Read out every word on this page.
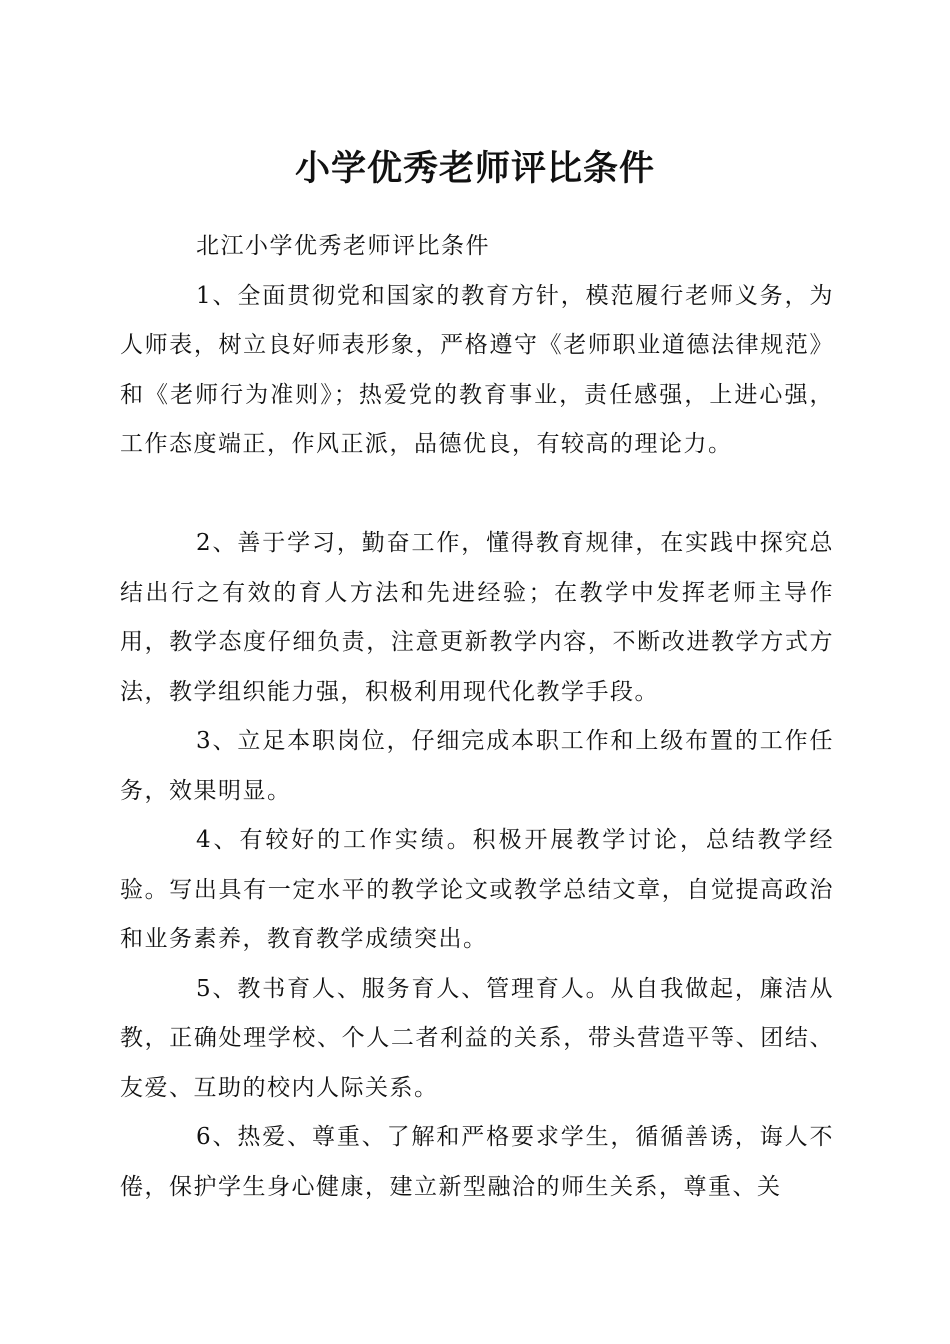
小学优秀老师评比条件

北江小学优秀老师评比条件

1、全面贯彻党和国家的教育方针，模范履行老师义务，为人师表，树立良好师表形象，严格遵守《老师职业道德法律规范》和《老师行为准则》；热爱党的教育事业，责任感强，上进心强，工作态度端正，作风正派，品德优良，有较高的理论力。

2、善于学习，勤奋工作，懂得教育规律，在实践中探究总结出行之有效的育人方法和先进经验；在教学中发挥老师主导作用，教学态度仔细负责，注意更新教学内容，不断改进教学方式方法，教学组织能力强，积极利用现代化教学手段。

3、立足本职岗位，仔细完成本职工作和上级布置的工作任务，效果明显。

4、有较好的工作实绩。积极开展教学讨论，总结教学经验。写出具有一定水平的教学论文或教学总结文章，自觉提高政治和业务素养，教育教学成绩突出。

5、教书育人、服务育人、管理育人。从自我做起，廉洁从教，正确处理学校、个人二者利益的关系，带头营造平等、团结、友爱、互助的校内人际关系。

6、热爱、尊重、了解和严格要求学生，循循善诱，诲人不倦，保护学生身心健康，建立新型融洽的师生关系，尊重、关
